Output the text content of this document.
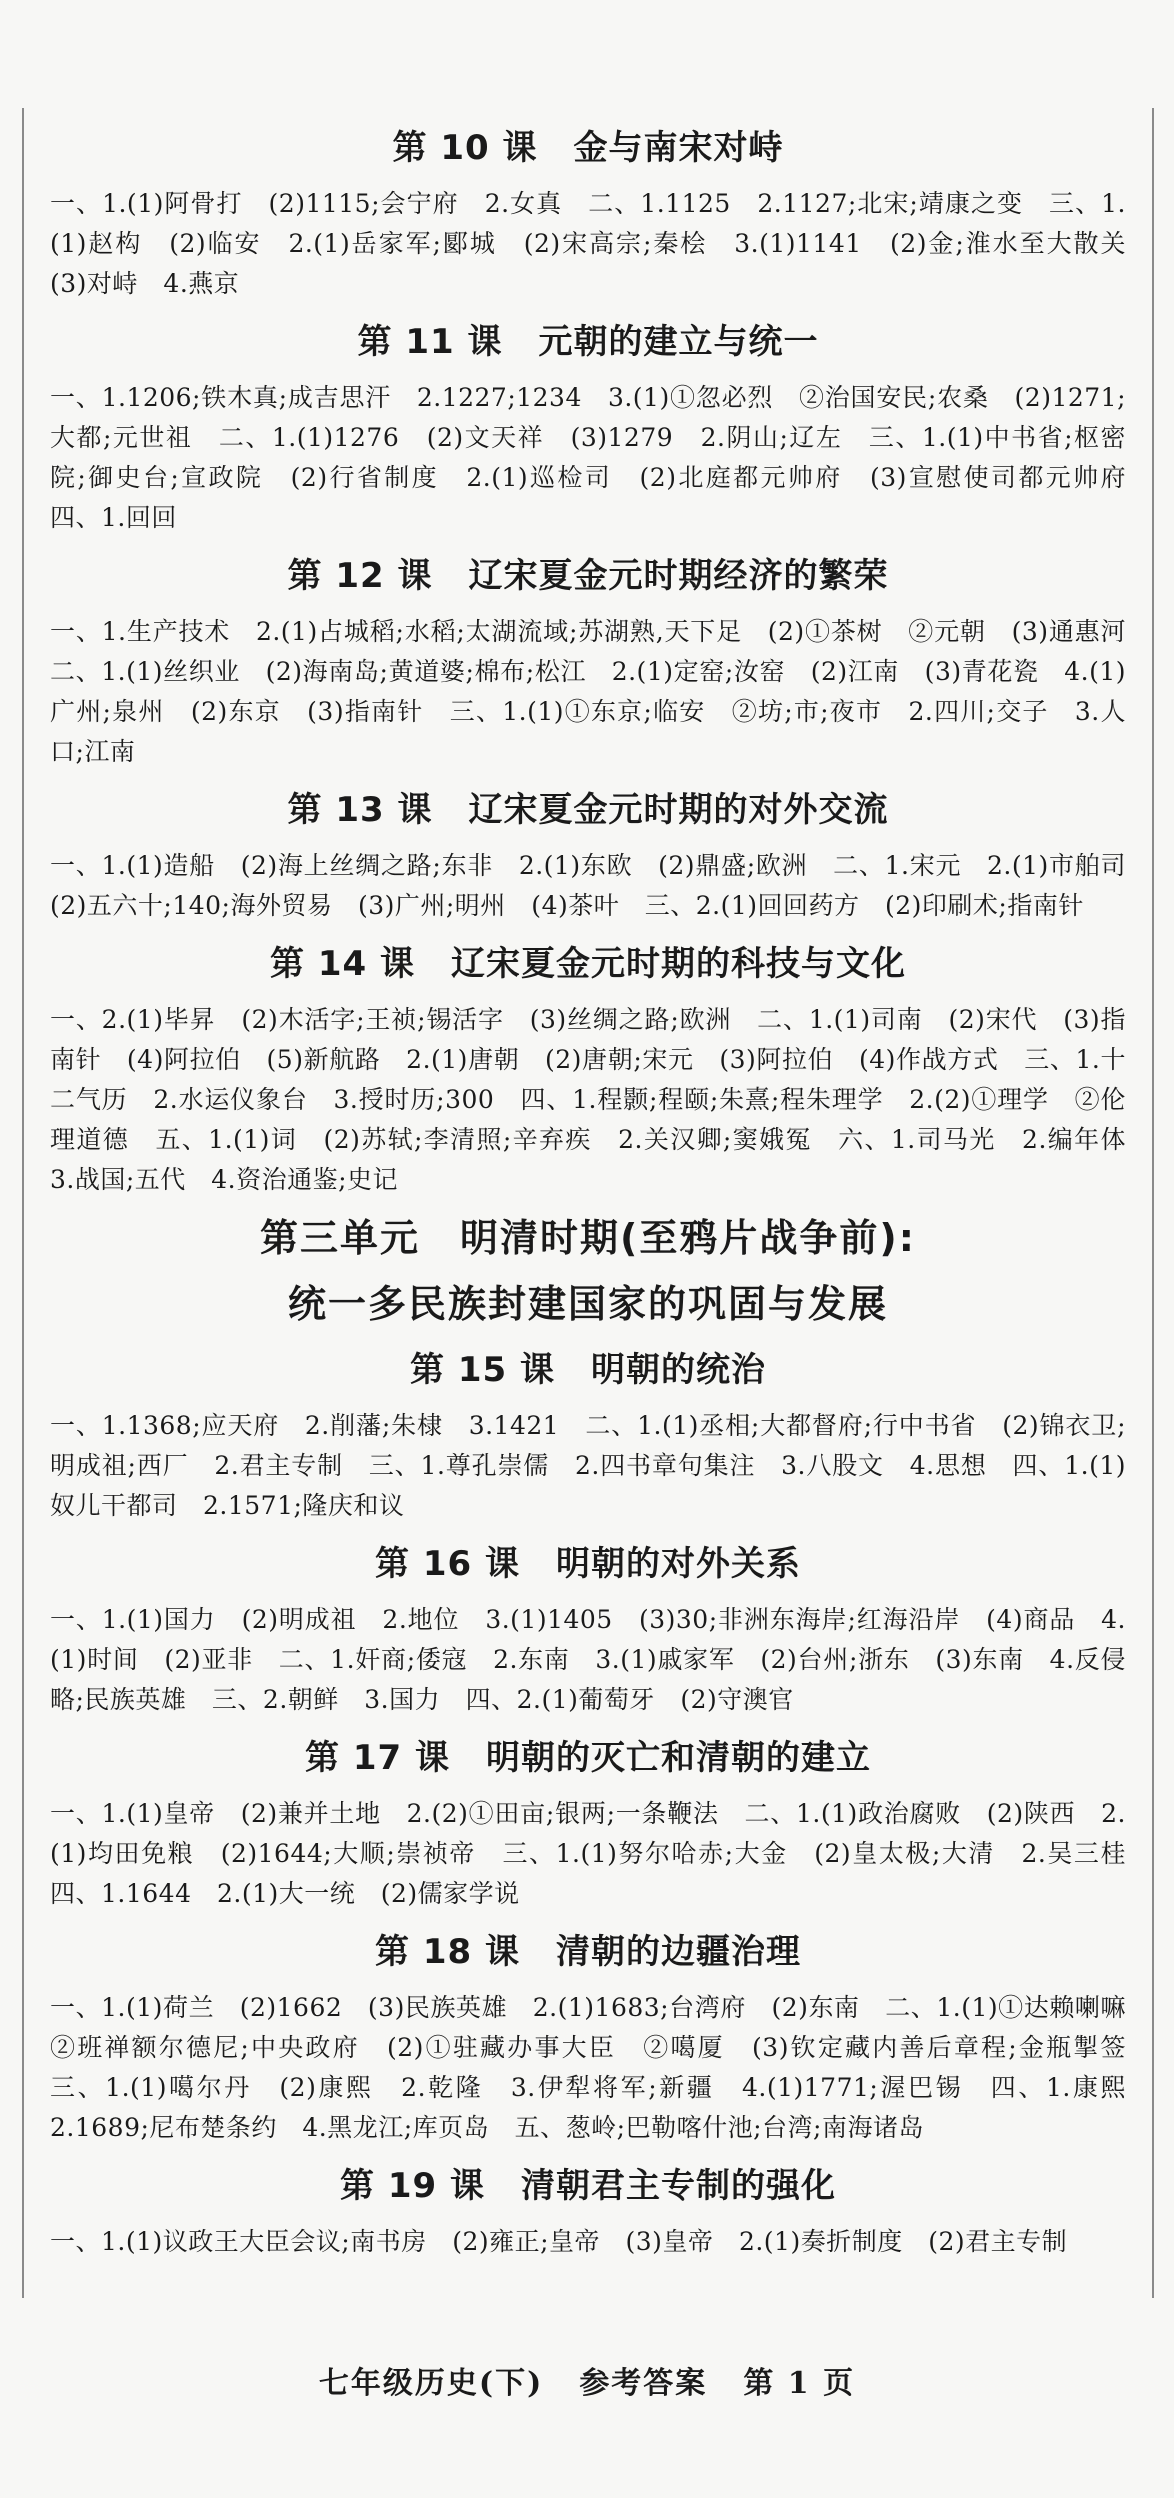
第 10 课 金与南宋对峙

一、1.(1)阿骨打　(2)1115;会宁府　2.女真　二、1.1125　2.1127;北宋;靖康之变　三、1.(1)赵构　(2)临安　2.(1)岳家军;郾城　(2)宋高宗;秦桧　3.(1)1141　(2)金;淮水至大散关　(3)对峙　4.燕京

第 11 课 元朝的建立与统一

一、1.1206;铁木真;成吉思汗　2.1227;1234　3.(1)①忽必烈　②治国安民;农桑　(2)1271;大都;元世祖　二、1.(1)1276　(2)文天祥　(3)1279　2.阴山;辽左　三、1.(1)中书省;枢密院;御史台;宣政院　(2)行省制度　2.(1)巡检司　(2)北庭都元帅府　(3)宣慰使司都元帅府　四、1.回回

第 12 课 辽宋夏金元时期经济的繁荣

一、1.生产技术　2.(1)占城稻;水稻;太湖流域;苏湖熟,天下足　(2)①茶树　②元朝　(3)通惠河　二、1.(1)丝织业　(2)海南岛;黄道婆;棉布;松江　2.(1)定窑;汝窑　(2)江南　(3)青花瓷　4.(1)广州;泉州　(2)东京　(3)指南针　三、1.(1)①东京;临安　②坊;市;夜市　2.四川;交子　3.人口;江南

第 13 课 辽宋夏金元时期的对外交流

一、1.(1)造船　(2)海上丝绸之路;东非　2.(1)东欧　(2)鼎盛;欧洲　二、1.宋元　2.(1)市舶司　(2)五六十;140;海外贸易　(3)广州;明州　(4)茶叶　三、2.(1)回回药方　(2)印刷术;指南针

第 14 课 辽宋夏金元时期的科技与文化

一、2.(1)毕昇　(2)木活字;王祯;锡活字　(3)丝绸之路;欧洲　二、1.(1)司南　(2)宋代　(3)指南针　(4)阿拉伯　(5)新航路　2.(1)唐朝　(2)唐朝;宋元　(3)阿拉伯　(4)作战方式　三、1.十二气历　2.水运仪象台　3.授时历;300　四、1.程颢;程颐;朱熹;程朱理学　2.(2)①理学　②伦理道德　五、1.(1)词　(2)苏轼;李清照;辛弃疾　2.关汉卿;窦娥冤　六、1.司马光　2.编年体　3.战国;五代　4.资治通鉴;史记

第三单元 明清时期(至鸦片战争前):
统一多民族封建国家的巩固与发展
第 15 课 明朝的统治

一、1.1368;应天府　2.削藩;朱棣　3.1421　二、1.(1)丞相;大都督府;行中书省　(2)锦衣卫;明成祖;西厂　2.君主专制　三、1.尊孔崇儒　2.四书章句集注　3.八股文　4.思想　四、1.(1)奴儿干都司　2.1571;隆庆和议

第 16 课 明朝的对外关系

一、1.(1)国力　(2)明成祖　2.地位　3.(1)1405　(3)30;非洲东海岸;红海沿岸　(4)商品　4.(1)时间　(2)亚非　二、1.奸商;倭寇　2.东南　3.(1)戚家军　(2)台州;浙东　(3)东南　4.反侵略;民族英雄　三、2.朝鲜　3.国力　四、2.(1)葡萄牙　(2)守澳官

第 17 课 明朝的灭亡和清朝的建立

一、1.(1)皇帝　(2)兼并土地　2.(2)①田亩;银两;一条鞭法　二、1.(1)政治腐败　(2)陕西　2.(1)均田免粮　(2)1644;大顺;崇祯帝　三、1.(1)努尔哈赤;大金　(2)皇太极;大清　2.吴三桂　四、1.1644　2.(1)大一统　(2)儒家学说

第 18 课 清朝的边疆治理

一、1.(1)荷兰　(2)1662　(3)民族英雄　2.(1)1683;台湾府　(2)东南　二、1.(1)①达赖喇嘛　②班禅额尔德尼;中央政府　(2)①驻藏办事大臣　②噶厦　(3)钦定藏内善后章程;金瓶掣签　三、1.(1)噶尔丹　(2)康熙　2.乾隆　3.伊犁将军;新疆　4.(1)1771;渥巴锡　四、1.康熙　2.1689;尼布楚条约　4.黑龙江;库页岛　五、葱岭;巴勒喀什池;台湾;南海诸岛

第 19 课 清朝君主专制的强化

一、1.(1)议政王大臣会议;南书房　(2)雍正;皇帝　(3)皇帝　2.(1)奏折制度　(2)君主专制

七年级历史(下) 参考答案 第 1 页
